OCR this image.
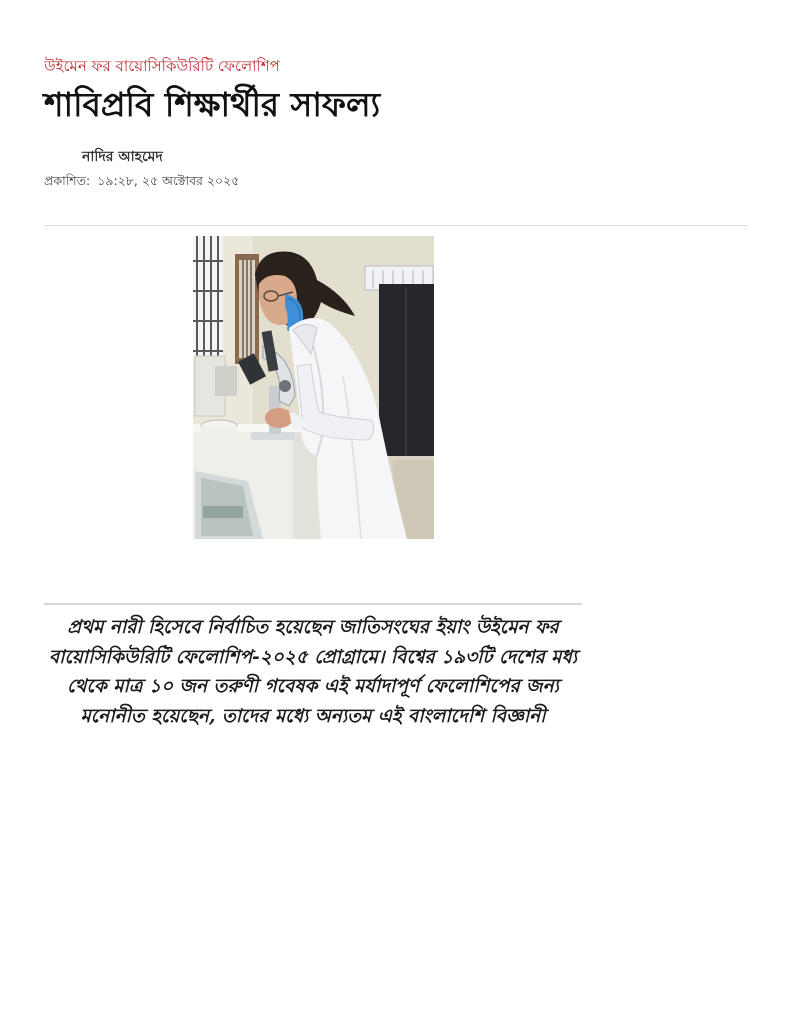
উইমেন ফর বায়োসিকিউরিটি ফেলোশিপ
শাবিপ্রবি শিক্ষার্থীর সাফল্য
নাদির আহমেদ
প্রকাশিত: ১৯:২৮, ২৫ অক্টোবর ২০২৫

প্রথম নারী হিসেবে নির্বাচিত হয়েছেন জাতিসংঘের ইয়াং উইমেন ফর বায়োসিকিউরিটি ফেলোশিপ-২০২৫ প্রোগ্রামে। বিশ্বের ১৯৩টি দেশের মধ্য থেকে মাত্র ১০ জন তরুণী গবেষক এই মর্যাদাপূর্ণ ফেলোশিপের জন্য মনোনীত হয়েছেন, তাদের মধ্যে অন্যতম এই বাংলাদেশি বিজ্ঞানী
